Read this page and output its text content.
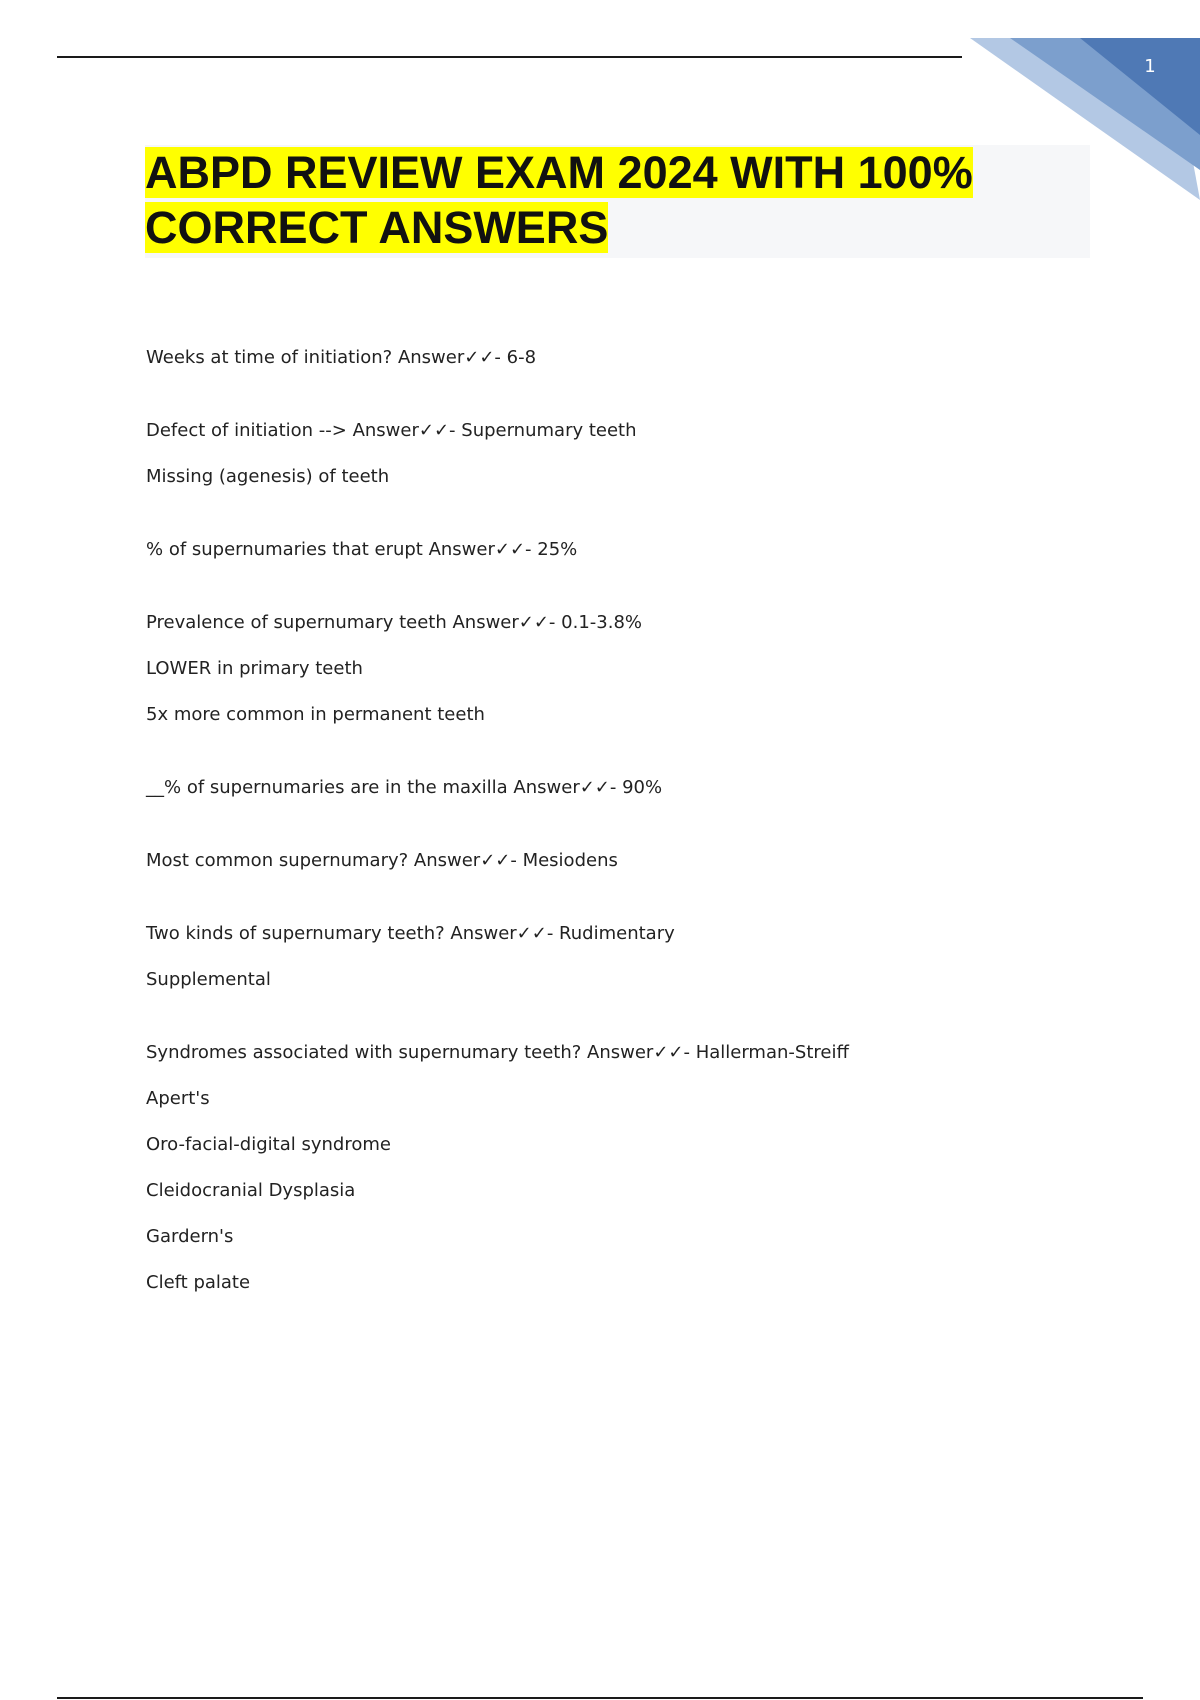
1
ABPD REVIEW EXAM 2024 WITH 100%
CORRECT ANSWERS
Weeks at time of initiation? Answer✓✓- 6-8
Defect of initiation --> Answer✓✓- Supernumary teeth
Missing (agenesis) of teeth
% of supernumaries that erupt Answer✓✓- 25%
Prevalence of supernumary teeth Answer✓✓- 0.1-3.8%
LOWER in primary teeth
5x more common in permanent teeth
__% of supernumaries are in the maxilla Answer✓✓- 90%
Most common supernumary? Answer✓✓- Mesiodens
Two kinds of supernumary teeth? Answer✓✓- Rudimentary
Supplemental
Syndromes associated with supernumary teeth? Answer✓✓- Hallerman-Streiff
Apert's
Oro-facial-digital syndrome
Cleidocranial Dysplasia
Gardern's
Cleft palate
